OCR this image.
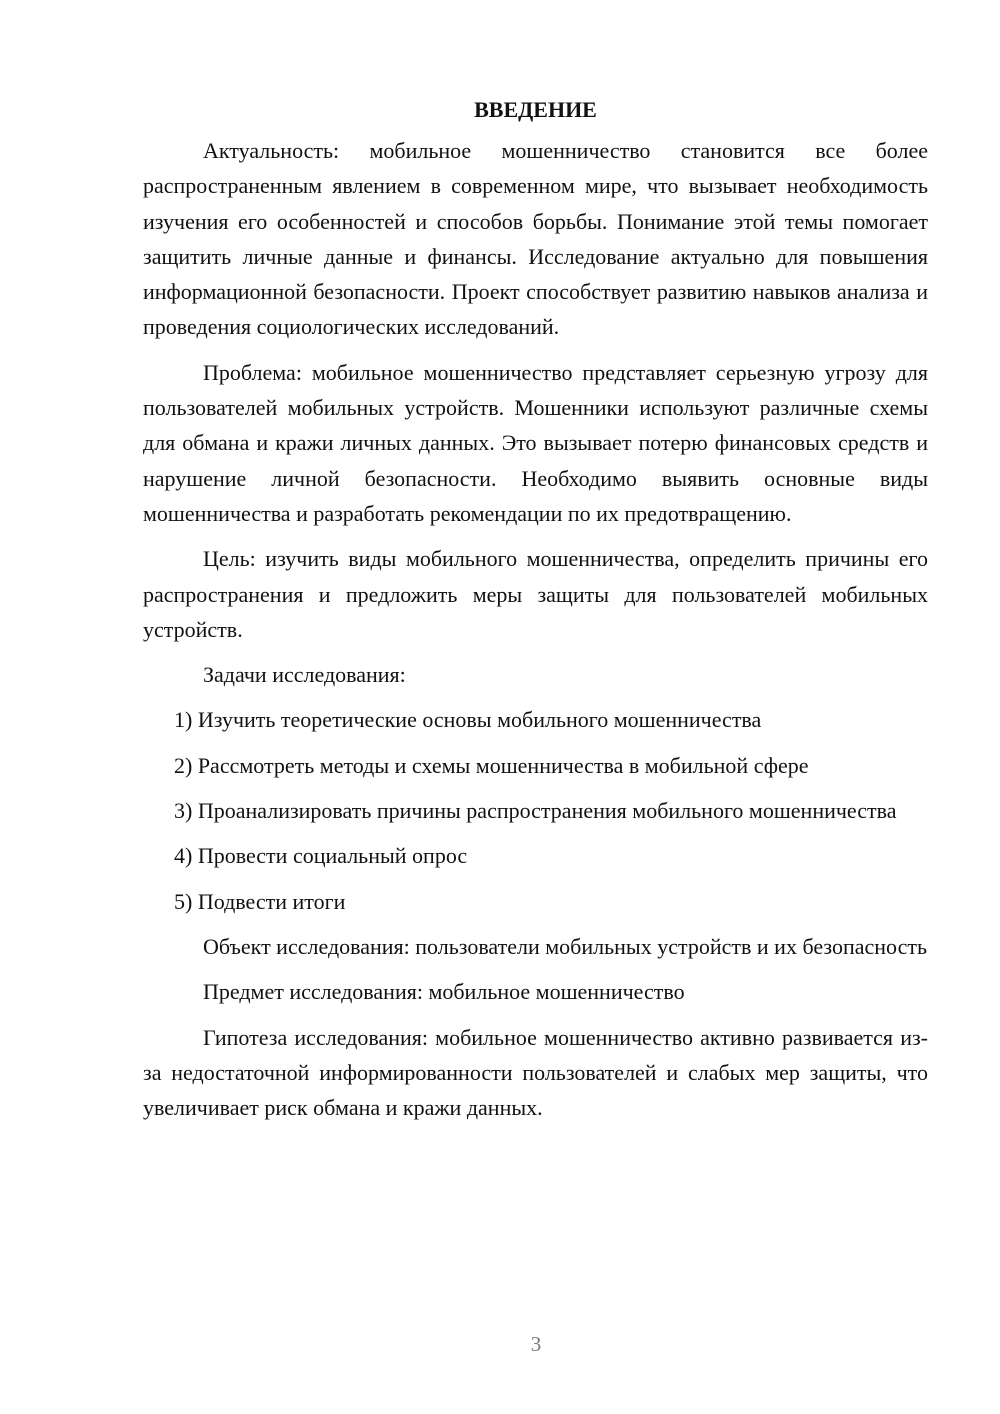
ВВЕДЕНИЕ

Актуальность: мобильное мошенничество становится все более распространенным явлением в современном мире, что вызывает необходимость изучения его особенностей и способов борьбы. Понимание этой темы помогает защитить личные данные и финансы. Исследование актуально для повышения информационной безопасности. Проект способствует развитию навыков анализа и проведения социологических исследований.

Проблема: мобильное мошенничество представляет серьезную угрозу для пользователей мобильных устройств. Мошенники используют различные схемы для обмана и кражи личных данных. Это вызывает потерю финансовых средств и нарушение личной безопасности. Необходимо выявить основные виды мошенничества и разработать рекомендации по их предотвращению.

Цель: изучить виды мобильного мошенничества, определить причины его распространения и предложить меры защиты для пользователей мобильных устройств.

Задачи исследования:

1) Изучить теоретические основы мобильного мошенничества

2) Рассмотреть методы и схемы мошенничества в мобильной сфере

3) Проанализировать причины распространения мобильного мошенничества

4) Провести социальный опрос

5) Подвести итоги

Объект исследования: пользователи мобильных устройств и их безопасность

Предмет исследования: мобильное мошенничество

Гипотеза исследования: мобильное мошенничество активно развивается из-за недостаточной информированности пользователей и слабых мер защиты, что увеличивает риск обмана и кражи данных.

3
